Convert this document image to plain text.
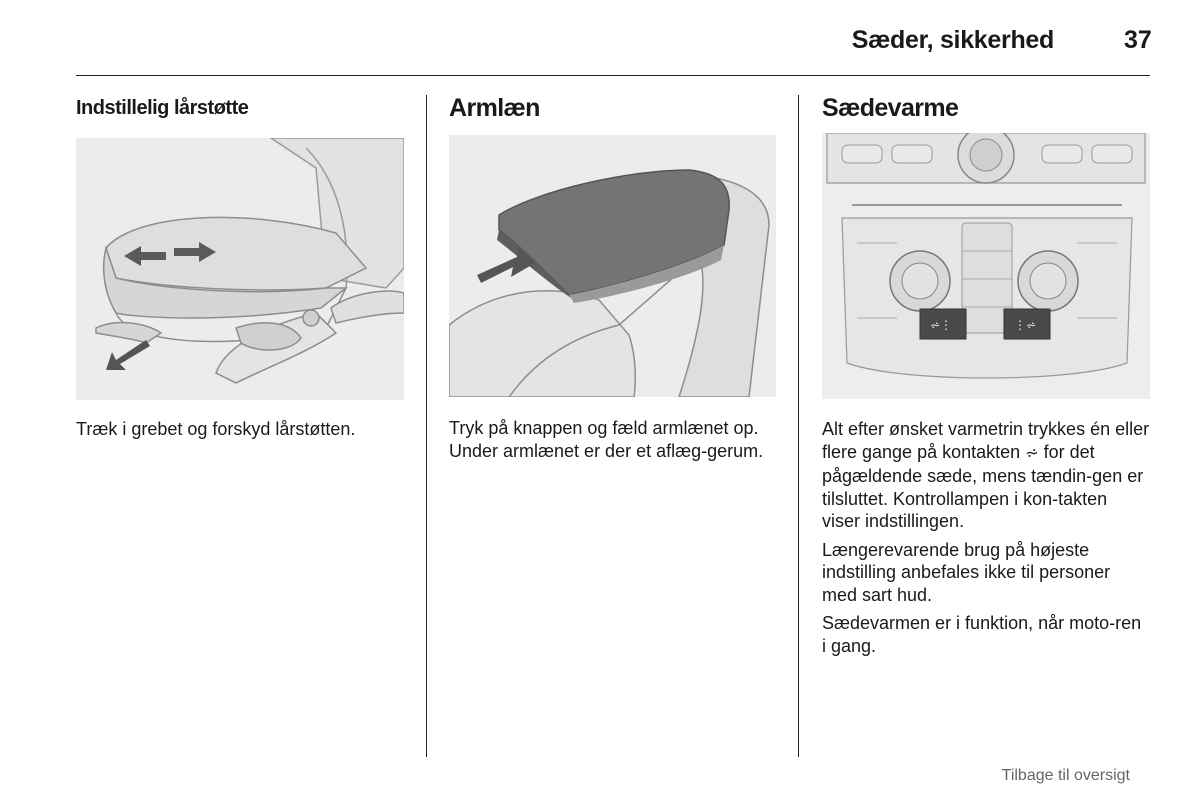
Sæder, sikkerhed	37
Indstillelig lårstøtte

Træk i grebet og forskyd lårstøtten.

Armlæn

Tryk på knappen og fæld armlænet op. Under armlænet er der et aflæg-gerum.

Sædevarme
⩫⋮	⋮⩫

Alt efter ønsket varmetrin trykkes én eller flere gange på kontakten ⩫ for det pågældende sæde, mens tændin-gen er tilsluttet. Kontrollampen i kon-takten viser indstillingen.

Længerevarende brug på højeste indstilling anbefales ikke til personer med sart hud.

Sædevarmen er i funktion, når moto-ren i gang.

Tilbage til oversigt
